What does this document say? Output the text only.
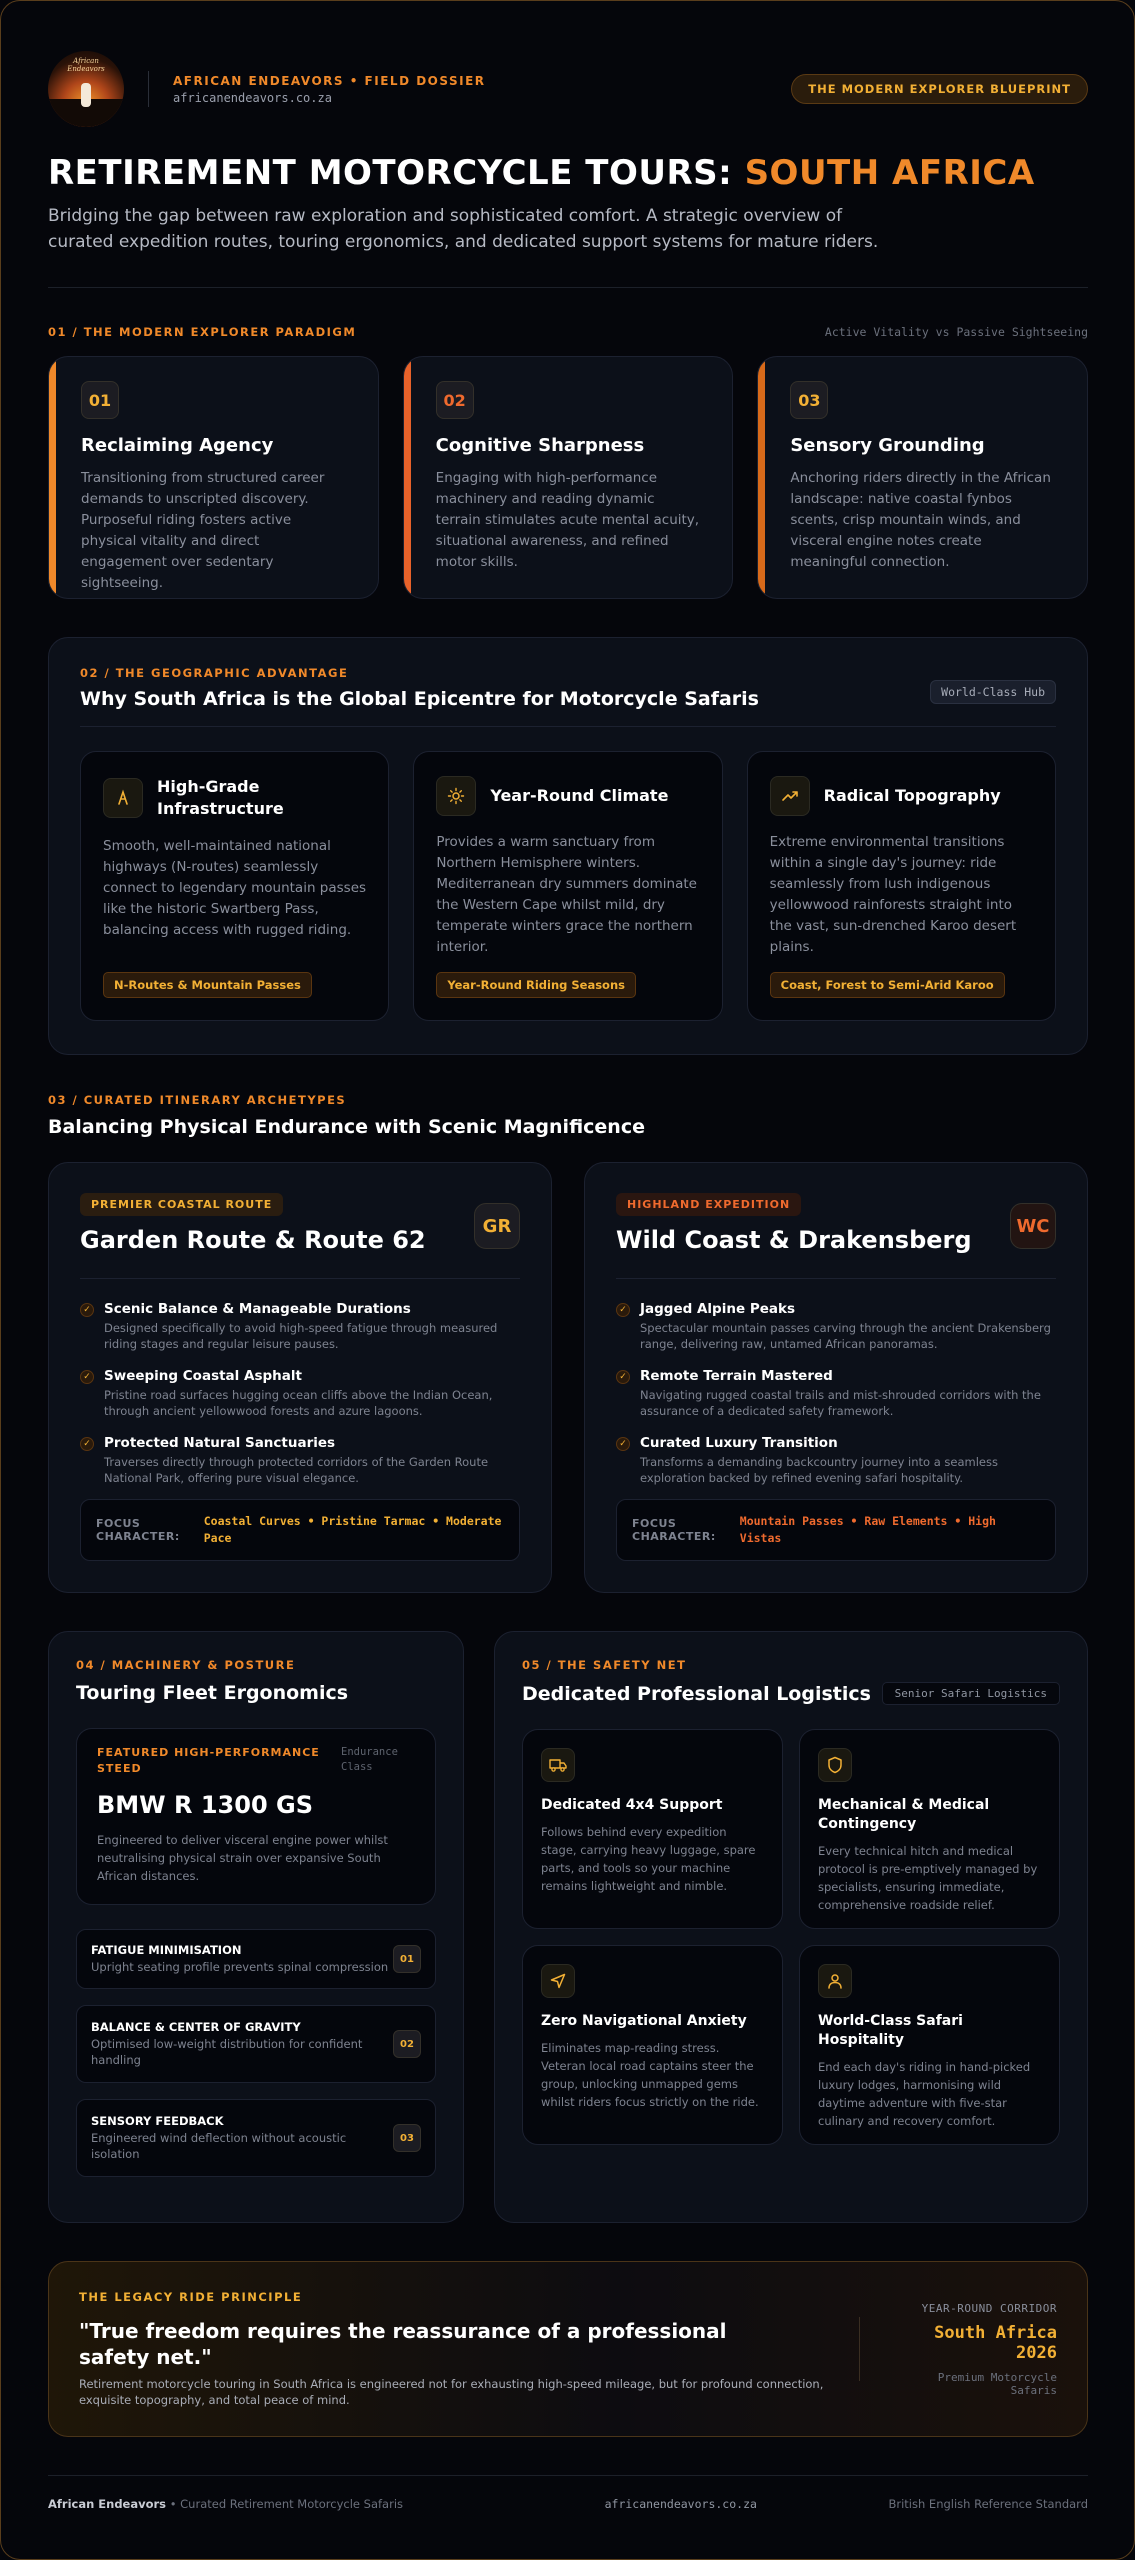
African Endeavors
AFRICAN ENDEAVORS • FIELD DOSSIER
africanendeavors.co.za
THE MODERN EXPLORER BLUEPRINT
RETIREMENT MOTORCYCLE TOURS: SOUTH AFRICA

Bridging the gap between raw exploration and sophisticated comfort. A strategic overview of curated expedition routes, touring ergonomics, and dedicated support systems for mature riders.

01 / THE MODERN EXPLORER PARADIGM	Active Vitality vs Passive Sightseeing
01
Reclaiming Agency
Transitioning from structured career demands to unscripted discovery. Purposeful riding fosters active physical vitality and direct engagement over sedentary sightseeing.
02
Cognitive Sharpness
Engaging with high-performance machinery and reading dynamic terrain stimulates acute mental acuity, situational awareness, and refined motor skills.
03
Sensory Grounding
Anchoring riders directly in the African landscape: native coastal fynbos scents, crisp mountain winds, and visceral engine notes create meaningful connection.
02 / THE GEOGRAPHIC ADVANTAGE
Why South Africa is the Global Epicentre for Motorcycle Safaris	World-Class Hub
High-Grade Infrastructure
Smooth, well-maintained national highways (N-routes) seamlessly connect to legendary mountain passes like the historic Swartberg Pass, balancing access with rugged riding.
N-Routes & Mountain Passes
Year-Round Climate
Provides a warm sanctuary from Northern Hemisphere winters. Mediterranean dry summers dominate the Western Cape whilst mild, dry temperate winters grace the northern interior.
Year-Round Riding Seasons
Radical Topography
Extreme environmental transitions within a single day's journey: ride seamlessly from lush indigenous yellowwood rainforests straight into the vast, sun-drenched Karoo desert plains.
Coast, Forest to Semi-Arid Karoo
03 / CURATED ITINERARY ARCHETYPES
Balancing Physical Endurance with Scenic Magnificence
PREMIER COASTAL ROUTE
Garden Route & Route 62	GR
✓ Scenic Balance & Manageable Durations
Designed specifically to avoid high-speed fatigue through measured riding stages and regular leisure pauses.
✓ Sweeping Coastal Asphalt
Pristine road surfaces hugging ocean cliffs above the Indian Ocean, through ancient yellowwood forests and azure lagoons.
✓ Protected Natural Sanctuaries
Traverses directly through protected corridors of the Garden Route National Park, offering pure visual elegance.
FOCUS CHARACTER:
Coastal Curves • Pristine Tarmac • Moderate Pace
HIGHLAND EXPEDITION
Wild Coast & Drakensberg	WC
✓ Jagged Alpine Peaks
Spectacular mountain passes carving through the ancient Drakensberg range, delivering raw, untamed African panoramas.
✓ Remote Terrain Mastered
Navigating rugged coastal trails and mist-shrouded corridors with the assurance of a dedicated safety framework.
✓ Curated Luxury Transition
Transforms a demanding backcountry journey into a seamless exploration backed by refined evening safari hospitality.
FOCUS CHARACTER:
Mountain Passes • Raw Elements • High Vistas
04 / MACHINERY & POSTURE
Touring Fleet Ergonomics
FEATURED HIGH-PERFORMANCE STEED
Endurance Class
BMW R 1300 GS
Engineered to deliver visceral engine power whilst neutralising physical strain over expansive South African distances.
FATIGUE MINIMISATION
Upright seating profile prevents spinal compression
01
BALANCE & CENTER OF GRAVITY
Optimised low-weight distribution for confident handling
02
SENSORY FEEDBACK
Engineered wind deflection without acoustic isolation
03
05 / THE SAFETY NET
Dedicated Professional Logistics	Senior Safari Logistics
Dedicated 4x4 Support
Follows behind every expedition stage, carrying heavy luggage, spare parts, and tools so your machine remains lightweight and nimble.
Mechanical & Medical Contingency
Every technical hitch and medical protocol is pre-emptively managed by specialists, ensuring immediate, comprehensive roadside relief.
Zero Navigational Anxiety
Eliminates map-reading stress. Veteran local road captains steer the group, unlocking unmapped gems whilst riders focus strictly on the ride.
World-Class Safari Hospitality
End each day's riding in hand-picked luxury lodges, harmonising wild daytime adventure with five-star culinary and recovery comfort.
THE LEGACY RIDE PRINCIPLE
"True freedom requires the reassurance of a professional safety net."
Retirement motorcycle touring in South Africa is engineered not for exhausting high-speed mileage, but for profound connection, exquisite topography, and total peace of mind.
YEAR-ROUND CORRIDOR
South Africa 2026
Premium Motorcycle Safaris
African Endeavors • Curated Retirement Motorcycle Safaris	africanendeavors.co.za	British English Reference Standard
